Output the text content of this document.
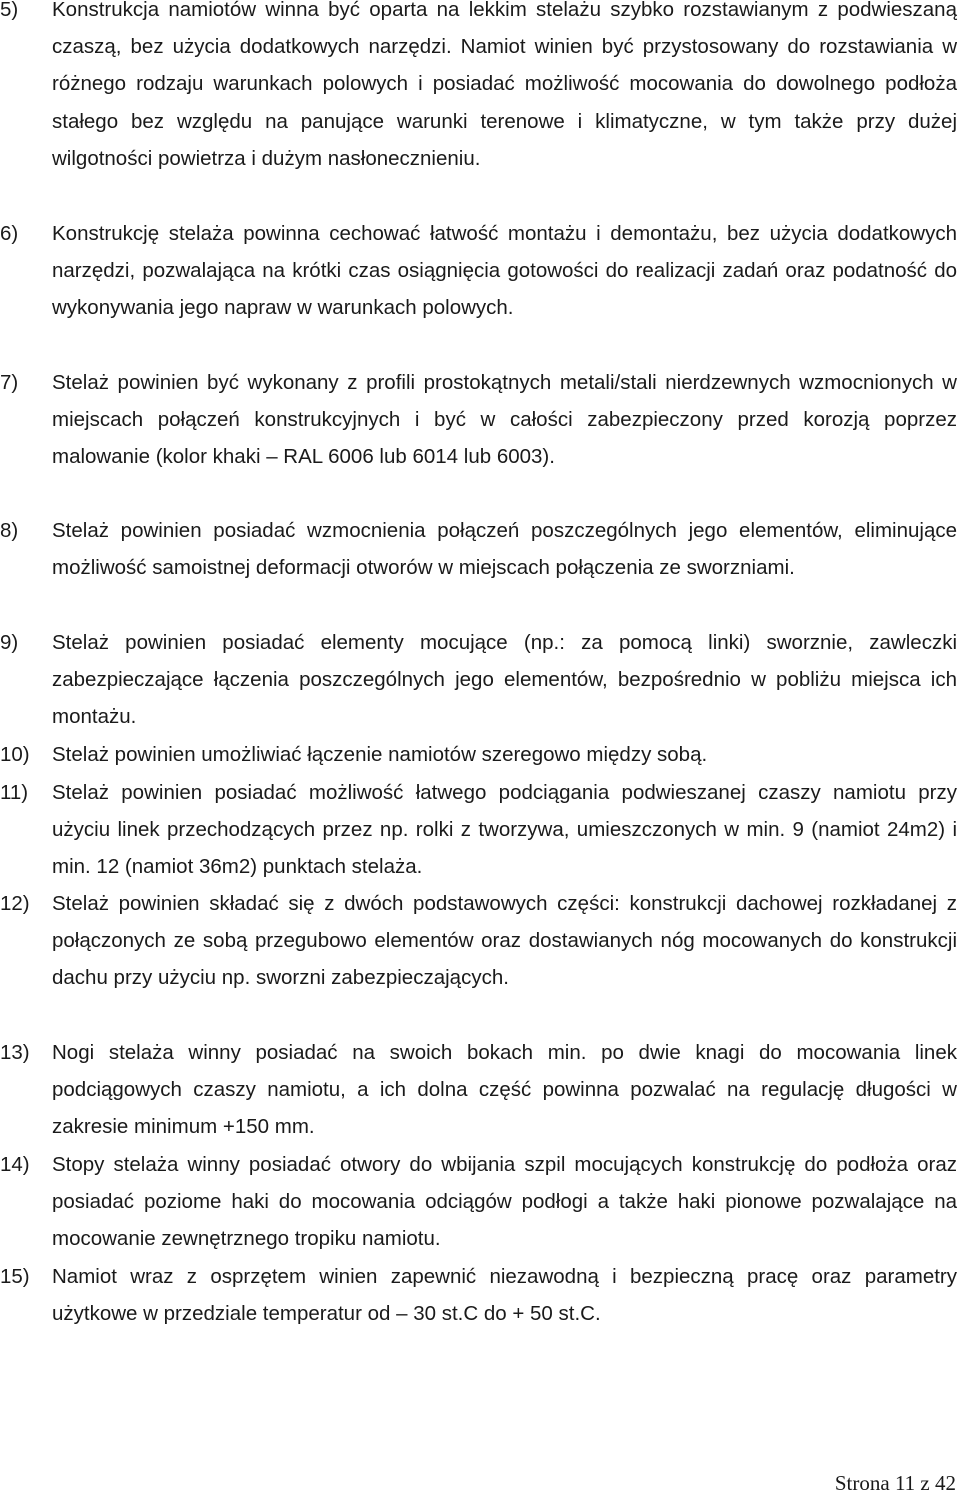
5)	Konstrukcja namiotów winna być oparta na lekkim stelażu szybko rozstawianym z podwieszaną czaszą, bez użycia dodatkowych narzędzi. Namiot winien być przystosowany do rozstawiania w różnego rodzaju warunkach polowych i posiadać możliwość mocowania do dowolnego podłoża stałego bez względu na panujące warunki terenowe i klimatyczne, w tym także przy dużej wilgotności powietrza i dużym nasłonecznieniu.
6)	Konstrukcję stelaża powinna cechować łatwość montażu i demontażu, bez użycia dodatkowych narzędzi, pozwalająca na krótki czas osiągnięcia gotowości do realizacji zadań oraz podatność do wykonywania jego napraw w warunkach polowych.
7)	Stelaż powinien być wykonany z profili prostokątnych metali/stali nierdzewnych wzmocnionych w miejscach połączeń konstrukcyjnych i być w całości zabezpieczony przed korozją poprzez malowanie (kolor khaki – RAL 6006 lub 6014 lub 6003).
8)	Stelaż powinien posiadać wzmocnienia połączeń poszczególnych jego elementów, eliminujące możliwość samoistnej deformacji otworów w miejscach połączenia ze sworzniami.
9)	Stelaż powinien posiadać elementy mocujące (np.: za pomocą linki) sworznie, zawleczki zabezpieczające łączenia poszczególnych jego elementów, bezpośrednio w pobliżu miejsca ich montażu.
10)	Stelaż powinien umożliwiać łączenie namiotów szeregowo między sobą.
11)	Stelaż powinien posiadać możliwość łatwego podciągania podwieszanej czaszy namiotu przy użyciu linek przechodzących przez np. rolki z tworzywa, umieszczonych w min. 9 (namiot 24m2) i min. 12 (namiot 36m2) punktach stelaża.
12)	Stelaż powinien składać się z dwóch podstawowych części: konstrukcji dachowej rozkładanej z połączonych ze sobą przegubowo elementów oraz dostawianych nóg mocowanych do konstrukcji dachu przy użyciu np. sworzni zabezpieczających.
13)	Nogi stelaża winny posiadać na swoich bokach min. po dwie knagi do mocowania linek podciągowych czaszy namiotu, a ich dolna część powinna pozwalać na regulację długości w zakresie minimum +150 mm.
14)	Stopy stelaża winny posiadać otwory do wbijania szpil mocujących konstrukcję do podłoża oraz posiadać poziome haki do mocowania odciągów podłogi a także haki pionowe pozwalające na mocowanie zewnętrznego tropiku namiotu.
15)	Namiot wraz z osprzętem winien zapewnić niezawodną i bezpieczną pracę oraz parametry użytkowe w przedziale temperatur od – 30 st.C do + 50 st.C.
Strona 11 z 42
